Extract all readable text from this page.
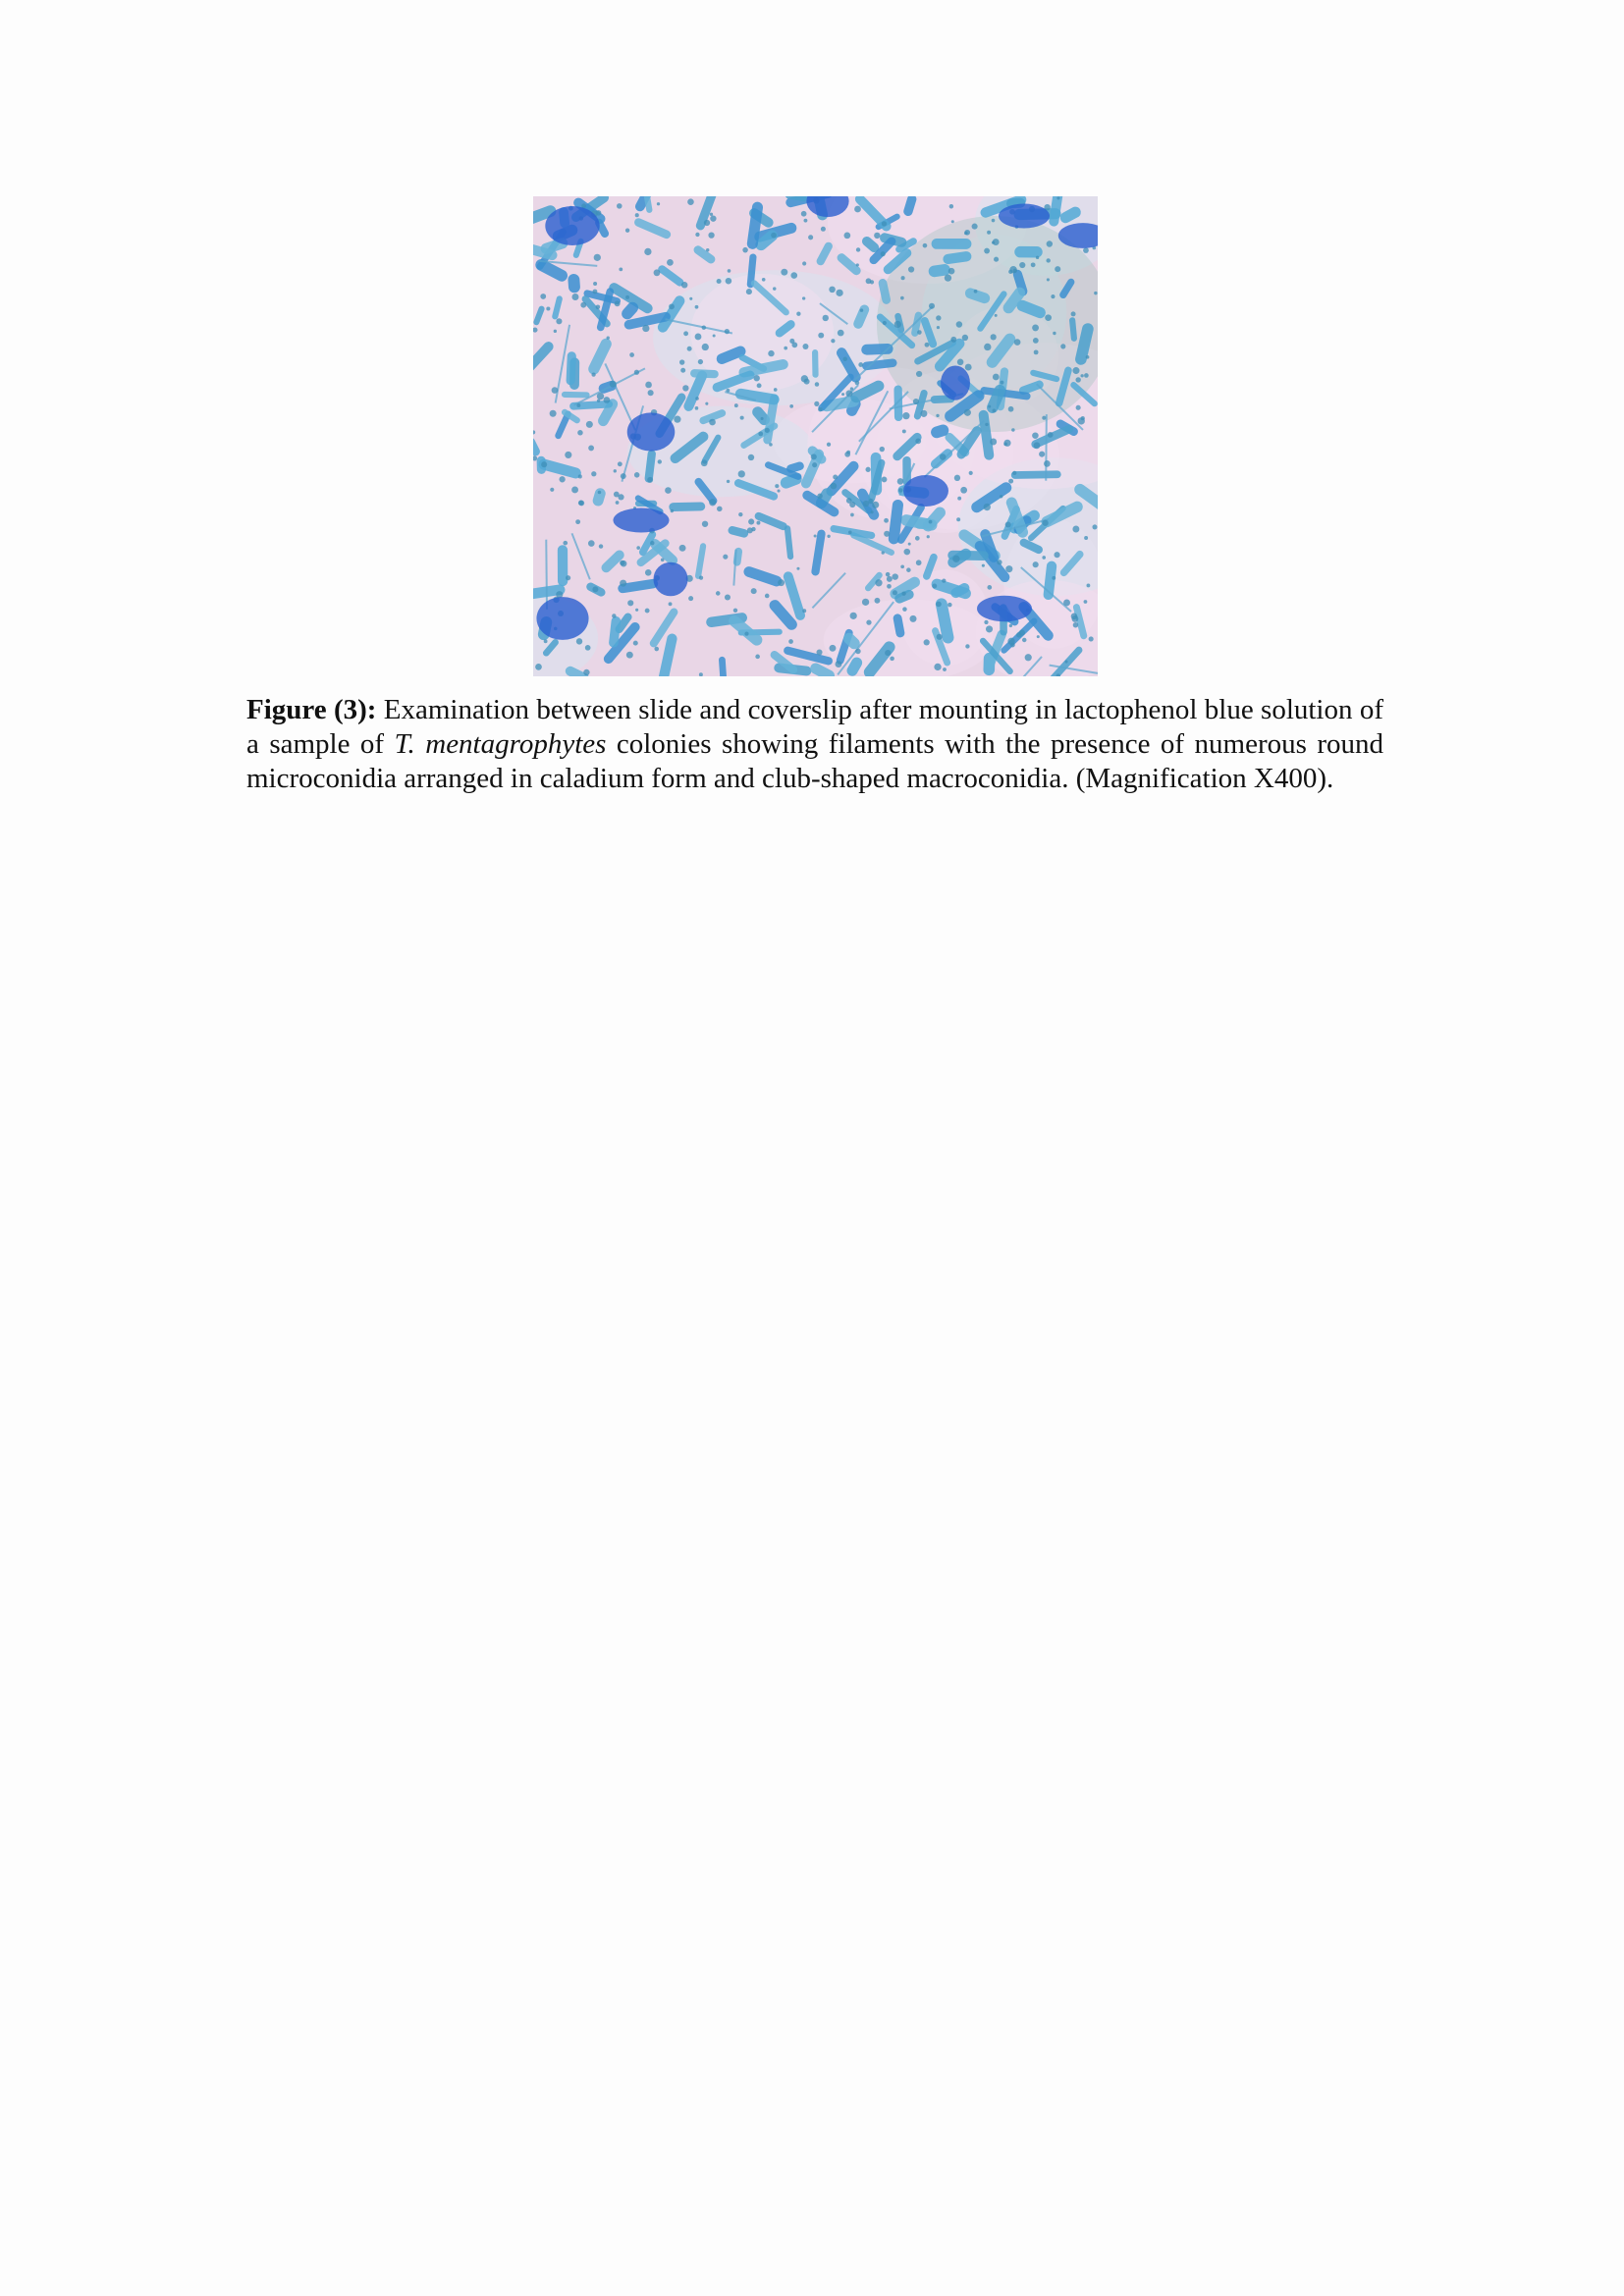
Figure (3): Examination between slide and coverslip after mounting in lactophenol blue solution of a sample of T. mentagrophytes colonies showing filaments with the presence of numerous round microconidia arranged in caladium form and club-shaped macroconidia. (Magnification X400).
